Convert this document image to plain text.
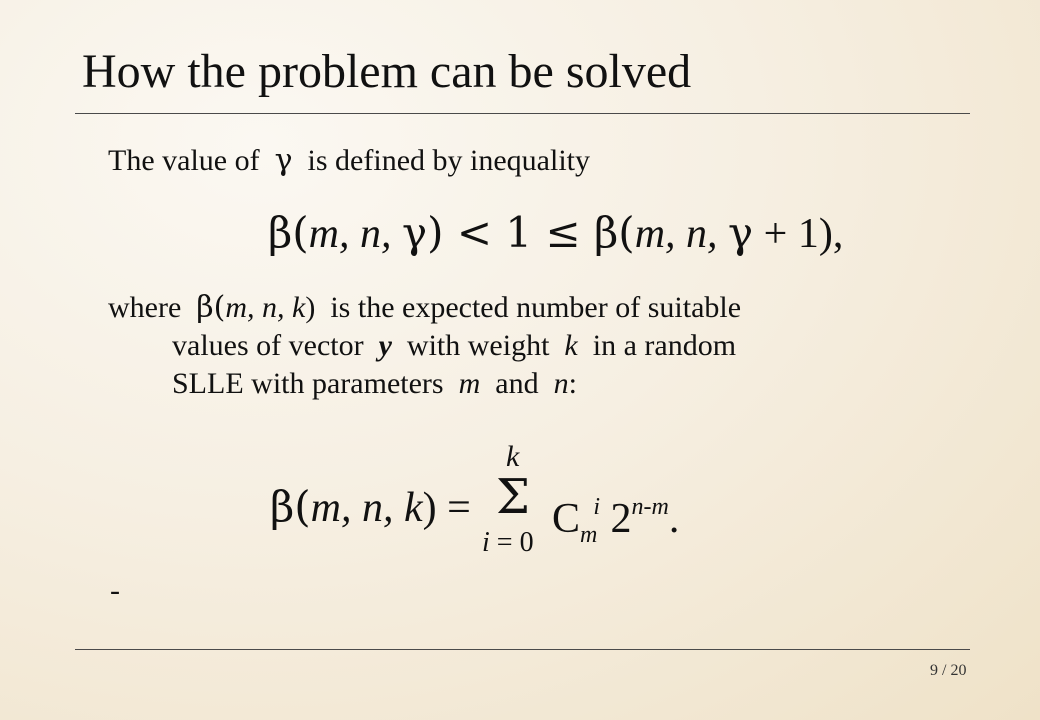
How the problem can be solved
The value of γ is defined by inequality
β(m, n, γ) < 1 ≤ β(m, n, γ + 1),
where β(m, n, k) is the expected number of suitable
values of vector y with weight k in a random
SLLE with parameters m and n:
k
β(m, n, k) = Σ $C_m^i$ 2$^{n-m}$.
i = 0
-
9 / 20
